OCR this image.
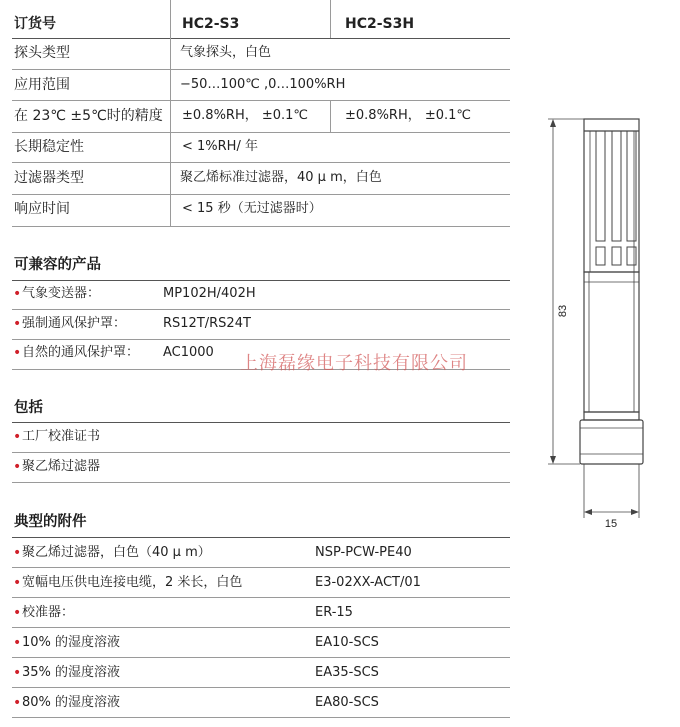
订货号	HC2-S3	HC2-S3H
探头类型	气象探头，白色
应用范围	−50…100℃ ,0…100%RH
在 23℃ ±5℃时的精度 ±0.8%RH， ±0.1℃	±0.8%RH， ±0.1℃
长期稳定性	< 1%RH/ 年
过滤器类型	聚乙烯标准过滤器，40 μ m，白色
响应时间	< 15 秒（无过滤器时）
可兼容的产品
• 气象变送器：	MP102H/402H
• 强制通风保护罩：	RS12T/RS24T
• 自然的通风保护罩： AC1000
上海磊缘电子科技有限公司
包括
• 工厂校准证书
• 聚乙烯过滤器
典型的附件
• 聚乙烯过滤器，白色（40 μ m）	NSP-PCW-PE40
• 宽幅电压供电连接电缆，2 米长，白色	E3-02XX-ACT/01
• 校准器：	ER-15
• 10% 的湿度溶液	EA10-SCS
• 35% 的湿度溶液	EA35-SCS
• 80% 的湿度溶液	EA80-SCS
83
15
